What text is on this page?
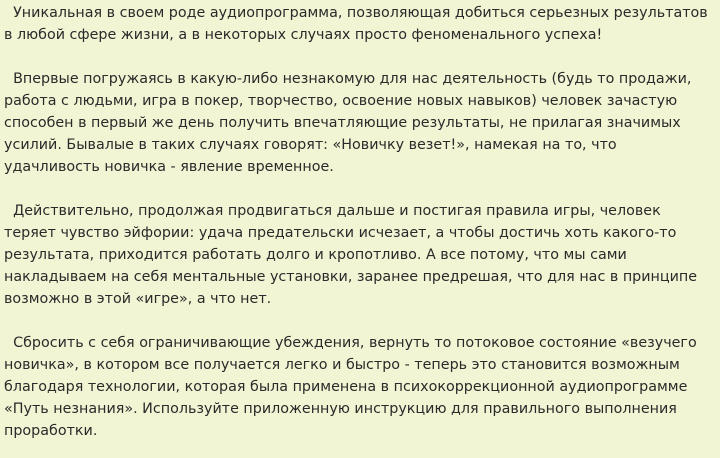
Уникальная в своем роде аудиопрограмма, позволяющая добиться серьезных результатов в любой сфере жизни, а в некоторых случаях просто феноменального успеха!

Впервые погружаясь в какую-либо незнакомую для нас деятельность (будь то продажи, работа с людьми, игра в покер, творчество, освоение новых навыков) человек зачастую способен в первый же день получить впечатляющие результаты, не прилагая значимых усилий. Бывалые в таких случаях говорят: «Новичку везет!», намекая на то, что удачливость новичка - явление временное.

Действительно, продолжая продвигаться дальше и постигая правила игры, человек теряет чувство эйфории: удача предательски исчезает, а чтобы достичь хоть какого-то результата, приходится работать долго и кропотливо. А все потому, что мы сами накладываем на себя ментальные установки, заранее предрешая, что для нас в принципе возможно в этой «игре», а что нет.

Сбросить с себя ограничивающие убеждения, вернуть то потоковое состояние «везучего новичка», в котором все получается легко и быстро - теперь это становится возможным благодаря технологии, которая была применена в психокоррекционной аудиопрограмме «Путь незнания». Используйте приложенную инструкцию для правильного выполнения проработки.
